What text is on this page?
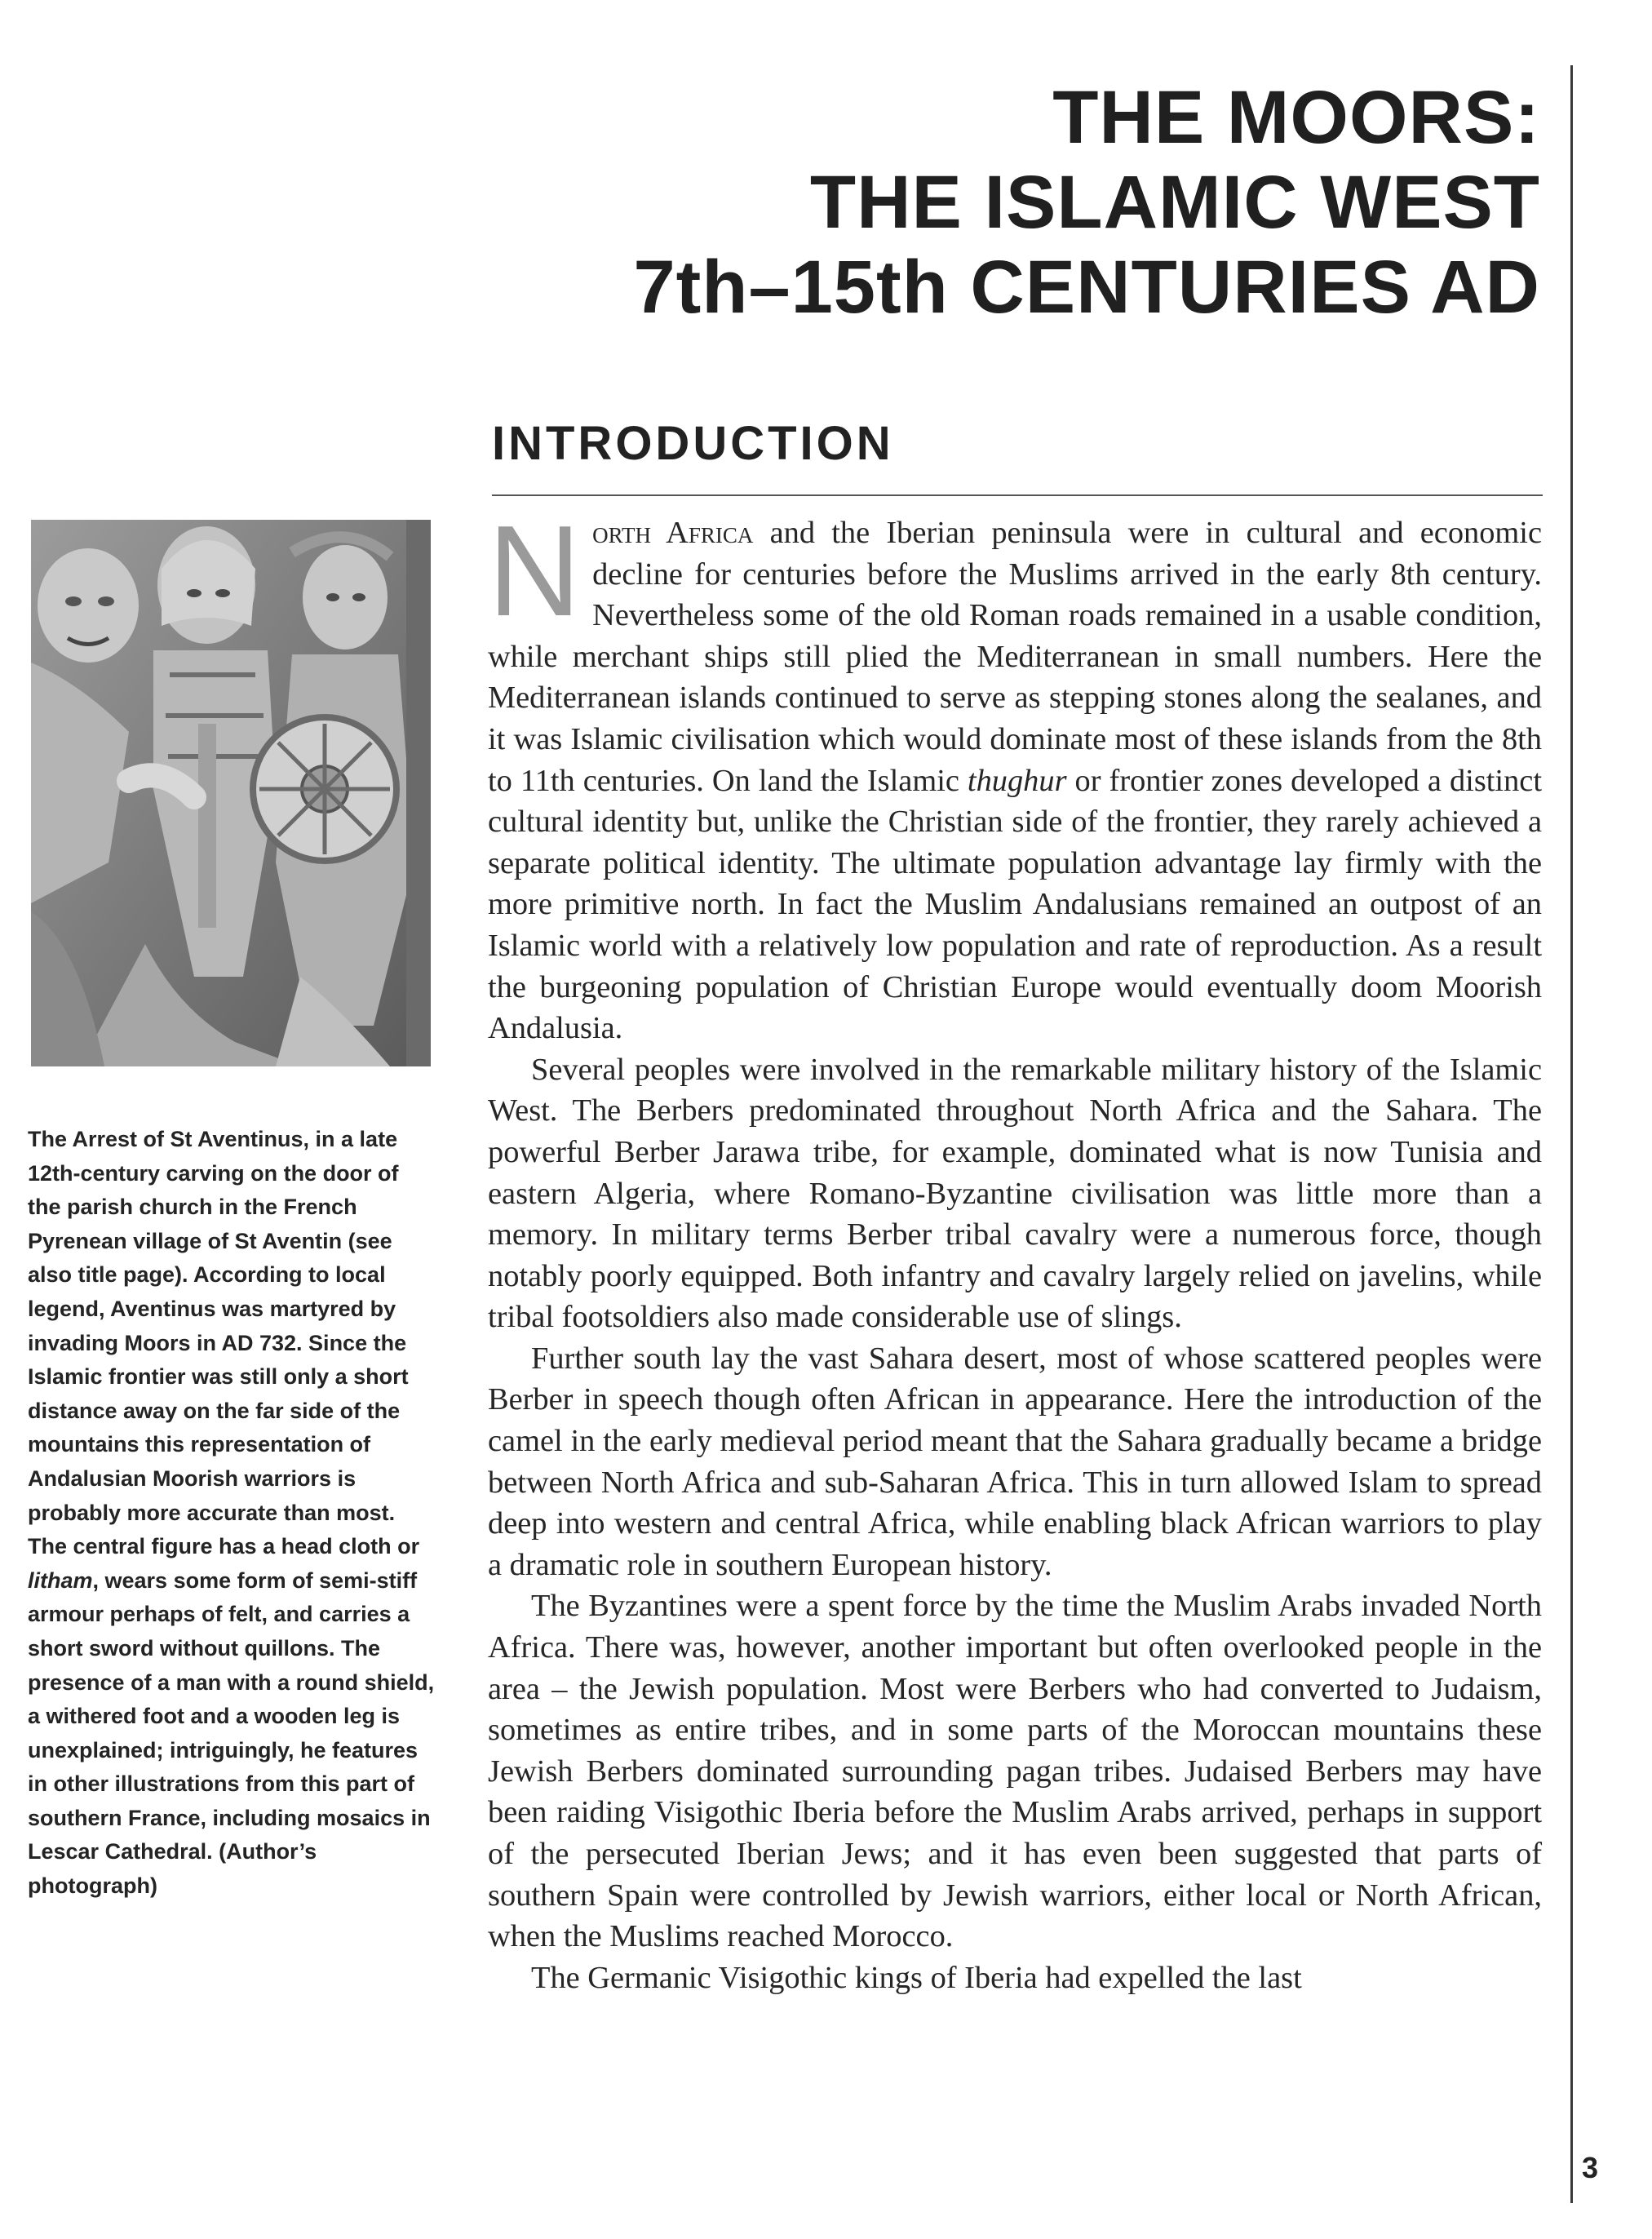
THE MOORS:
THE ISLAMIC WEST
7th–15th CENTURIES AD
INTRODUCTION

The Arrest of St Aventinus, in a late 12th-century carving on the door of the parish church in the French Pyrenean village of St Aventin (see also title page). According to local legend, Aventinus was martyred by invading Moors in AD 732. Since the Islamic frontier was still only a short distance away on the far side of the mountains this representation of Andalusian Moorish warriors is probably more accurate than most. The central figure has a head cloth or litham, wears some form of semi-stiff armour perhaps of felt, and carries a short sword without quillons. The presence of a man with a round shield, a withered foot and a wooden leg is unexplained; intriguingly, he features in other illustrations from this part of southern France, including mosaics in Lescar Cathedral. (Author’s photograph)

North Africa and the Iberian peninsula were in cultural and economic decline for centuries before the Muslims arrived in the early 8th century. Nevertheless some of the old Roman roads remained in a usable condition, while merchant ships still plied the Mediterranean in small numbers. Here the Mediterranean islands continued to serve as stepping stones along the sealanes, and it was Islamic civilisation which would dominate most of these islands from the 8th to 11th centuries. On land the Islamic thughur or frontier zones developed a distinct cultural identity but, unlike the Christian side of the frontier, they rarely achieved a separate political identity. The ultimate population advantage lay firmly with the more primitive north. In fact the Muslim Andalusians remained an outpost of an Islamic world with a relatively low population and rate of reproduction. As a result the burgeoning population of Christian Europe would eventually doom Moorish Andalusia.

Several peoples were involved in the remarkable military history of the Islamic West. The Berbers predominated throughout North Africa and the Sahara. The powerful Berber Jarawa tribe, for example, dominated what is now Tunisia and eastern Algeria, where Romano-Byzantine civilisation was little more than a memory. In military terms Berber tribal cavalry were a numerous force, though notably poorly equipped. Both infantry and cavalry largely relied on javelins, while tribal footsoldiers also made considerable use of slings.

Further south lay the vast Sahara desert, most of whose scattered peoples were Berber in speech though often African in appearance. Here the introduction of the camel in the early medieval period meant that the Sahara gradually became a bridge between North Africa and sub-Saharan Africa. This in turn allowed Islam to spread deep into western and central Africa, while enabling black African warriors to play a dramatic role in southern European history.

The Byzantines were a spent force by the time the Muslim Arabs invaded North Africa. There was, however, another important but often overlooked people in the area – the Jewish population. Most were Berbers who had converted to Judaism, sometimes as entire tribes, and in some parts of the Moroccan mountains these Jewish Berbers dominated surrounding pagan tribes. Judaised Berbers may have been raiding Visigothic Iberia before the Muslim Arabs arrived, perhaps in support of the persecuted Iberian Jews; and it has even been suggested that parts of southern Spain were controlled by Jewish warriors, either local or North African, when the Muslims reached Morocco.

The Germanic Visigothic kings of Iberia had expelled the last

3
